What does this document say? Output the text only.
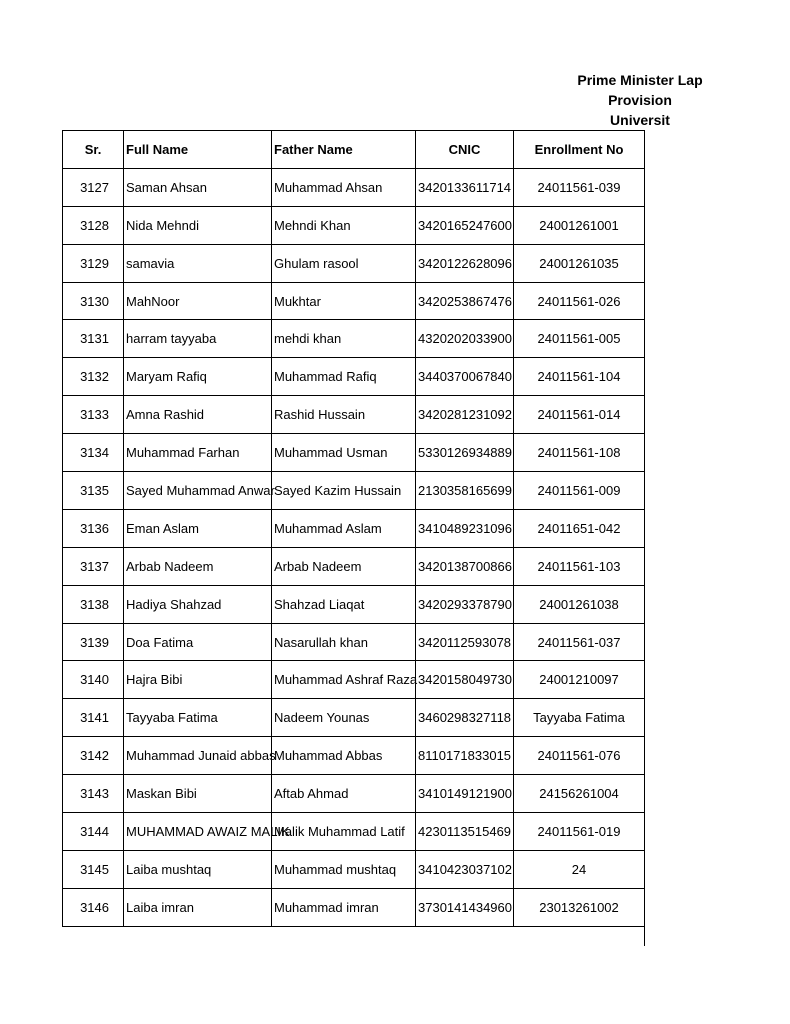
Prime Minister Lap
Provision
Universit
Sr.	Full Name	Father Name	CNIC	Enrollment No
3127	Saman Ahsan	Muhammad Ahsan	3420133611714	24011561-039
3128	Nida Mehndi	Mehndi Khan	3420165247600	24001261001
3129	samavia	Ghulam rasool	3420122628096	24001261035
3130	MahNoor	Mukhtar	3420253867476	24011561-026
3131	harram tayyaba	mehdi khan	4320202033900	24011561-005
3132	Maryam Rafiq	Muhammad Rafiq	3440370067840	24011561-104
3133	Amna Rashid	Rashid Hussain	3420281231092	24011561-014
3134	Muhammad Farhan	Muhammad Usman	5330126934889	24011561-108
3135	Sayed Muhammad Anwar	Sayed Kazim Hussain	2130358165699	24011561-009
3136	Eman Aslam	Muhammad Aslam	3410489231096	24011651-042
3137	Arbab Nadeem	Arbab Nadeem	3420138700866	24011561-103
3138	Hadiya Shahzad	Shahzad Liaqat	3420293378790	24001261038
3139	Doa Fatima	Nasarullah khan	3420112593078	24011561-037
3140	Hajra Bibi	Muhammad Ashraf Raza	3420158049730	24001210097
3141	Tayyaba Fatima	Nadeem Younas	3460298327118	Tayyaba Fatima
3142	Muhammad Junaid abbas	Muhammad Abbas	8110171833015	24011561-076
3143	Maskan Bibi	Aftab Ahmad	3410149121900	24156261004
3144	MUHAMMAD AWAIZ MALIK	Malik Muhammad Latif	4230113515469	24011561-019
3145	Laiba mushtaq	Muhammad mushtaq	3410423037102	24
3146	Laiba imran	Muhammad imran	3730141434960	23013261002
